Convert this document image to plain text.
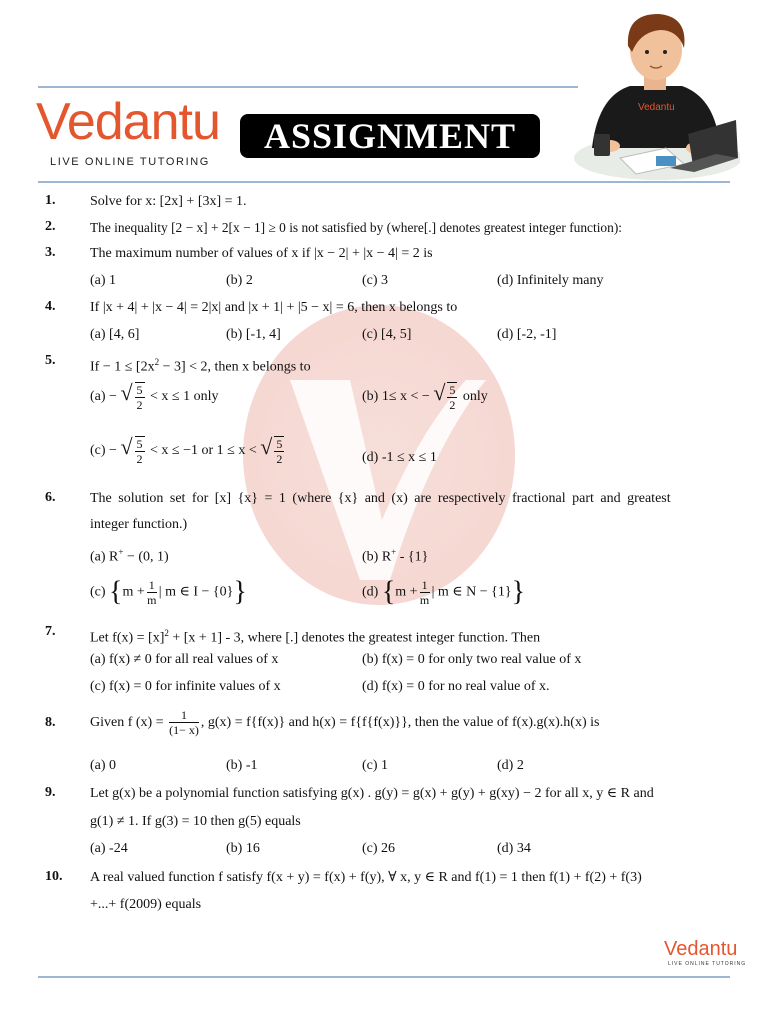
Vedantu
LIVE ONLINE TUTORING
ASSIGNMENT
Vedantu
1. Solve for x: [2x] + [3x] = 1.
2.	The inequality [2 − x] + 2[x − 1] ≥ 0 is not satisfied by (where[.] denotes greatest integer function):
3. The maximum number of values of x if |x − 2| + |x − 4| = 2 is
(a) 1	(b) 2	(c) 3	(d) Infinitely many
4. If |x + 4| + |x − 4| = 2|x| and |x + 1| + |5 − x| = 6, then x belongs to
(a) [4, 6]	(b) [-1, 4]	(c) [4, 5]	(d) [-2, -1]
5. $If - 1 \le [2x^2 - 3] < 2$, then x belongs to
(a) − √ $\frac{5}{2} < x \le 1$ only	(b) 1≤ x < − √ $\frac{5}{2}$ only
(c) − √ $\frac{5}{2} < x \le -1$ or 1 ≤ x < √ $\frac{5}{2}$	(d) -1 ≤ x ≤ 1
6. The solution set for [x] {x} = 1 (where {x} and (x) are respectively fractional part and greatest
integer function.)
(a) R+ − (0, 1)	(b) R+ - {1}
(c) {$m + \frac{1}{m}$ | m ∈ I − {0}}	(d) {$m + \frac{1}{m}$ | m ∈ N − {1}}
7. Let $f(x) = [x]^2 + [x + 1] - 3$, where [.] denotes the greatest integer function. Then
(a) f(x) ≠ 0 for all real values of x	(b) f(x) = 0 for only two real value of x
(c) f(x) = 0 for infinite values of x	(d) f(x) = 0 for no real value of x.
8. Given f $(x) = \frac{1}{(1- x)}$ , g(x) = f{f(x)} and h(x) = f{f{f(x)}}, then the value of f(x).g(x).h(x) is
(a) 0	(b) -1	(c) 1	(d) 2
9. Let g(x) be a polynomial function satisfying g(x) . g(y) = g(x) + g(y) + g(xy) − 2 for all x, y ∈ R and
g(1) ≠ 1. If g(3) = 10 then g(5) equals
(a) -24	(b) 16	(c) 26	(d) 34
10. A real valued function f satisfy f(x + y) = f(x) + f(y), ∀ x, y ∈ R and f(1) = 1 then f(1) + f(2) + f(3)
+...+ f(2009) equals
Vedantu
LIVE ONLINE TUTORING
